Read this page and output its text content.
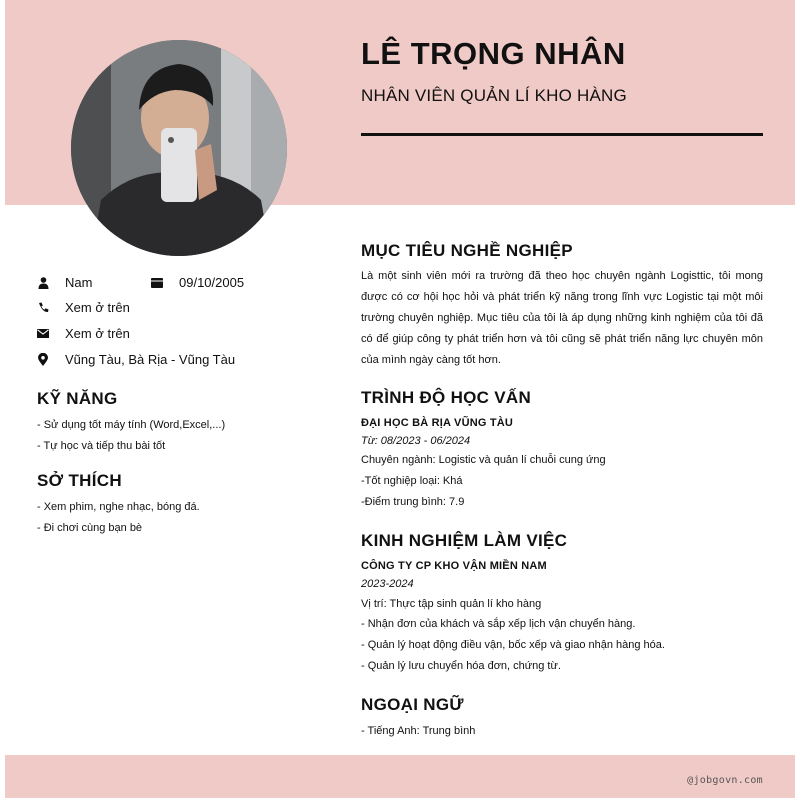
LÊ TRỌNG NHÂN
NHÂN VIÊN QUẢN LÍ KHO HÀNG
Nam	09/10/2005
Xem ở trên
Xem ở trên
Vũng Tàu, Bà Rịa - Vũng Tàu
KỸ NĂNG
- Sử dụng tốt máy tính (Word,Excel,...)
- Tự học và tiếp thu bài tốt
SỞ THÍCH
- Xem phim, nghe nhạc, bóng đá.
- Đi chơi cùng bạn bè
MỤC TIÊU NGHỀ NGHIỆP

Là một sinh viên mới ra trường đã theo học chuyên ngành Logisttic, tôi mong được có cơ hội học hỏi và phát triển kỹ năng trong lĩnh vực Logistic tại một môi trường chuyên nghiệp. Mục tiêu của tôi là áp dụng những kinh nghiệm của tôi đã có để giúp công ty phát triển hơn và tôi cũng sẽ phát triển năng lực chuyên môn của mình ngày càng tốt hơn.

TRÌNH ĐỘ HỌC VẤN
ĐẠI HỌC BÀ RỊA VŨNG TÀU
Từ: 08/2023 - 06/2024
Chuyên ngành: Logistic và quản lí chuỗi cung ứng
-Tốt nghiệp loại: Khá
-Điểm trung bình: 7.9
KINH NGHIỆM LÀM VIỆC
CÔNG TY CP KHO VẬN MIỀN NAM
2023-2024
Vị trí: Thực tập sinh quản lí kho hàng
- Nhận đơn của khách và sắp xếp lịch vận chuyển hàng.
- Quản lý hoạt động điều vận, bốc xếp và giao nhận hàng hóa.
- Quản lý lưu chuyển hóa đơn, chứng từ.
NGOẠI NGỮ
- Tiếng Anh: Trung bình
@jobgovn.com
